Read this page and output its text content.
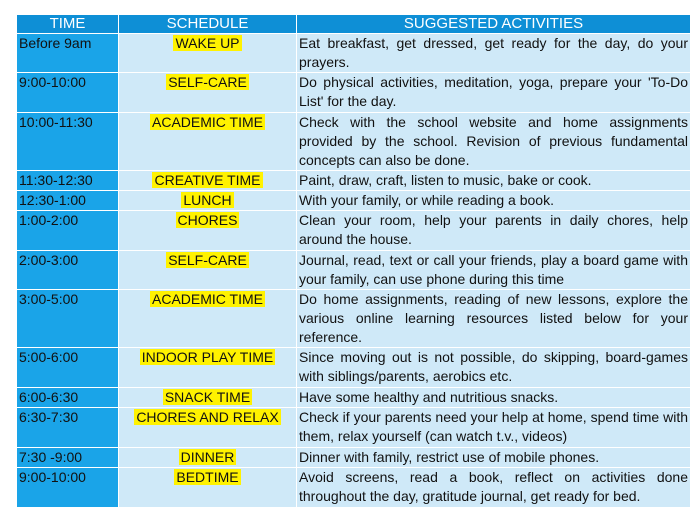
TIME	SCHEDULE	SUGGESTED ACTIVITIES
Before 9am	WAKE UP	Eat breakfast, get dressed, get ready for the day, do your prayers.
9:00-10:00	SELF-CARE	Do physical activities, meditation, yoga, prepare your 'To-Do List' for the day.
10:00-11:30	ACADEMIC TIME	Check with the school website and home assignments provided by the school. Revision of previous fundamental concepts can also be done.
11:30-12:30	CREATIVE TIME	Paint, draw, craft, listen to music, bake or cook.
12:30-1:00	LUNCH	With your family, or while reading a book.
1:00-2:00	CHORES	Clean your room, help your parents in daily chores, help around the house.
2:00-3:00	SELF-CARE	Journal, read, text or call your friends, play a board game with your family, can use phone during this time
3:00-5:00	ACADEMIC TIME	Do home assignments, reading of new lessons, explore the various online learning resources listed below for your reference.
5:00-6:00	INDOOR PLAY TIME	Since moving out is not possible, do skipping, board-games with siblings/parents, aerobics etc.
6:00-6:30	SNACK TIME	Have some healthy and nutritious snacks.
6:30-7:30	CHORES AND RELAX	Check if your parents need your help at home, spend time with them, relax yourself (can watch t.v., videos)
7:30 -9:00	DINNER	Dinner with family, restrict use of mobile phones.
9:00-10:00	BEDTIME	Avoid screens, read a book, reflect on activities done throughout the day, gratitude journal, get ready for bed.
